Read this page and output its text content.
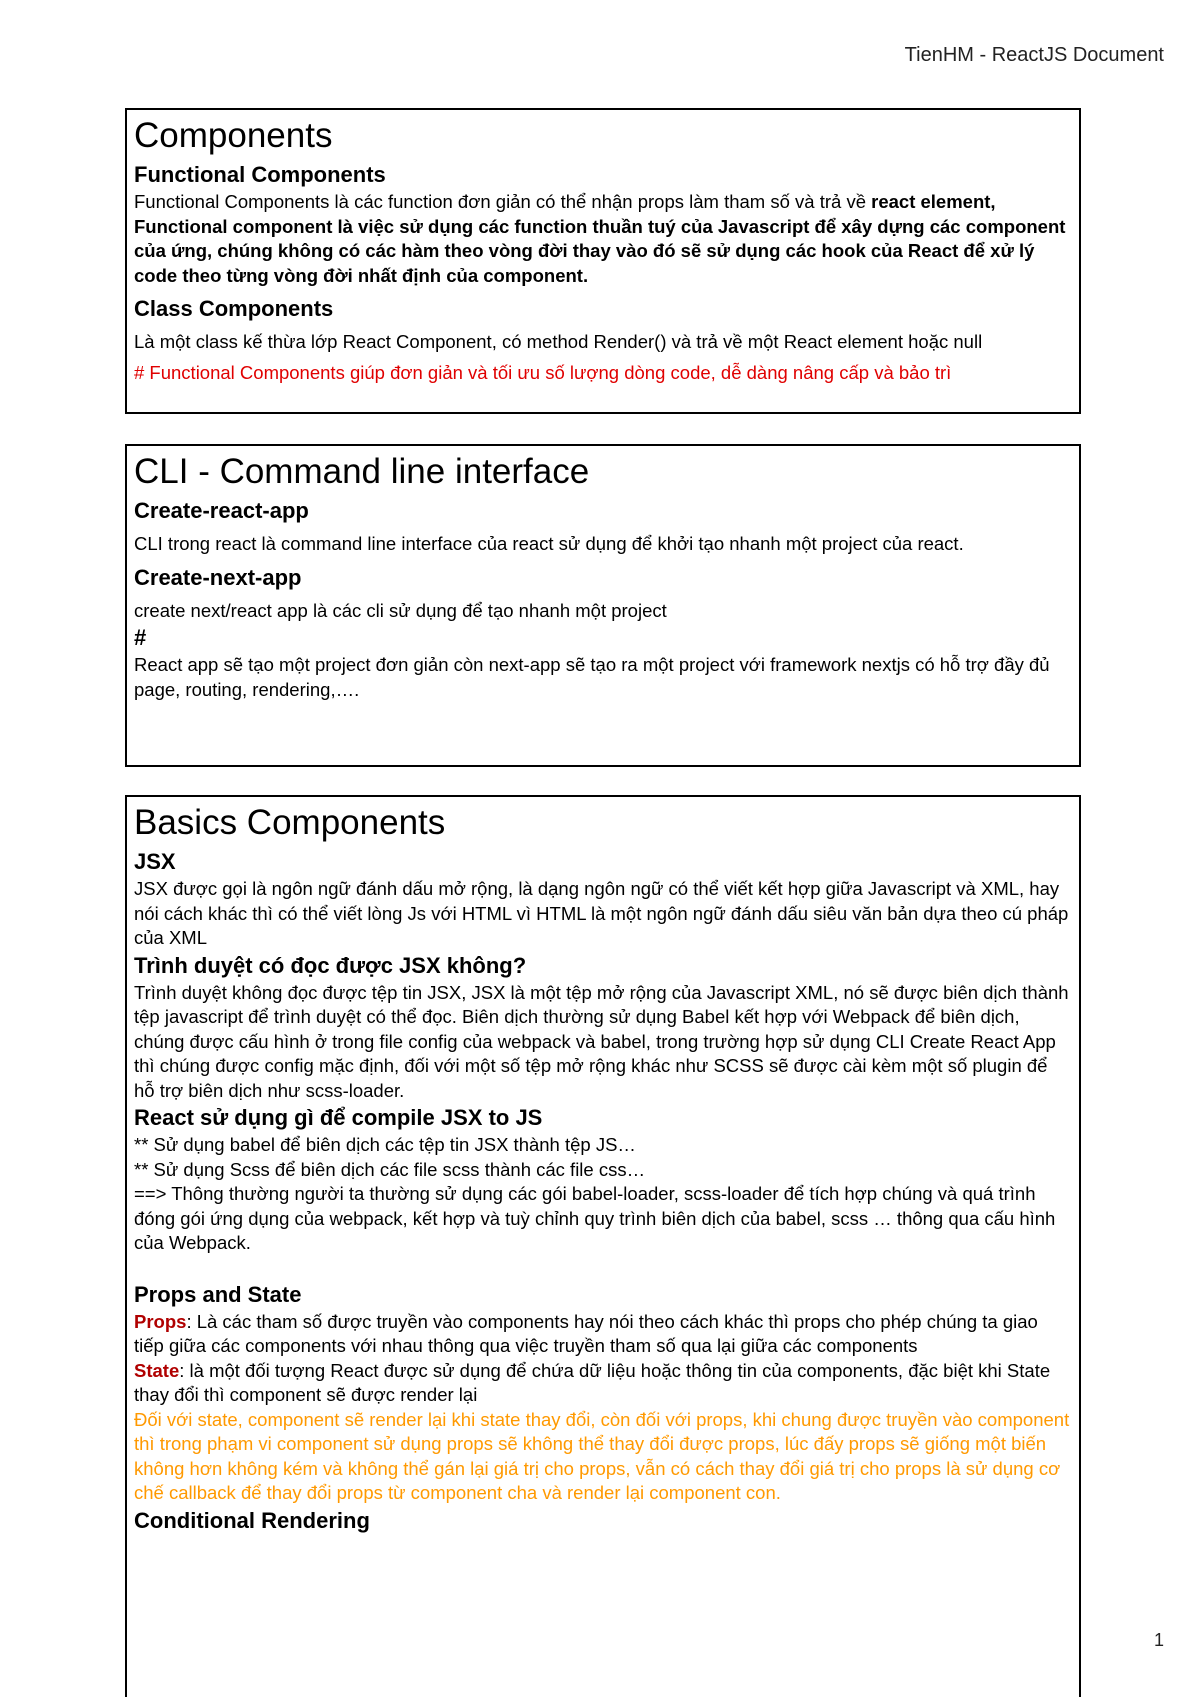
TienHM - ReactJS Document
Components
Functional Components

Functional Components là các function đơn giản có thể nhận props làm tham số và trả về react element, Functional component là việc sử dụng các function thuần tuý của Javascript để xây dựng các component của ứng, chúng không có các hàm theo vòng đời thay vào đó sẽ sử dụng các hook của React để xử lý code theo từng vòng đời nhất định của component.

Class Components

Là một class kế thừa lớp React Component, có method Render() và trả về một React element hoặc null

# Functional Components giúp đơn giản và tối ưu số lượng dòng code, dễ dàng nâng cấp và bảo trì

CLI - Command line interface
Create-react-app

CLI trong react là command line interface của react sử dụng để khởi tạo nhanh một project của react.

Create-next-app

create next/react app là các cli sử dụng để tạo nhanh một project

#

React app sẽ tạo một project đơn giản còn next-app sẽ tạo ra một project với framework nextjs có hỗ trợ đầy đủ page, routing, rendering,….

Basics Components
JSX

JSX được gọi là ngôn ngữ đánh dấu mở rộng, là dạng ngôn ngữ có thể viết kết hợp giữa Javascript và XML, hay nói cách khác thì có thể viết lòng Js với HTML vì HTML là một ngôn ngữ đánh dấu siêu văn bản dựa theo cú pháp của XML

Trình duyệt có đọc được JSX không?

Trình duyệt không đọc được tệp tin JSX, JSX là một tệp mở rộng của Javascript XML, nó sẽ được biên dịch thành tệp javascript để trình duyệt có thể đọc. Biên dịch thường sử dụng Babel kết hợp với Webpack để biên dịch, chúng được cấu hình ở trong file config của webpack và babel, trong trường hợp sử dụng CLI Create React App thì chúng được config mặc định, đối với một số tệp mở rộng khác như SCSS sẽ được cài kèm một số plugin để hỗ trợ biên dịch như scss-loader.

React sử dụng gì để compile JSX to JS

** Sử dụng babel để biên dịch các tệp tin JSX thành tệp JS…

** Sử dụng Scss để biên dịch các file scss thành các file css…

==> Thông thường người ta thường sử dụng các gói babel-loader, scss-loader để tích hợp chúng và quá trình đóng gói ứng dụng của webpack, kết hợp và tuỳ chỉnh quy trình biên dịch của babel, scss … thông qua cấu hình của Webpack.

Props and State

Props: Là các tham số được truyền vào components hay nói theo cách khác thì props cho phép chúng ta giao tiếp giữa các components với nhau thông qua việc truyền tham số qua lại giữa các components

State: là một đối tượng React được sử dụng để chứa dữ liệu hoặc thông tin của components, đặc biệt khi State thay đổi thì component sẽ được render lại

Đối với state, component sẽ render lại khi state thay đổi, còn đối với props, khi chung được truyền vào component thì trong phạm vi component sử dụng props sẽ không thể thay đổi được props, lúc đấy props sẽ giống một biến không hơn không kém và không thể gán lại giá trị cho props, vẫn có cách thay đổi giá trị cho props là sử dụng cơ chế callback để thay đổi props từ component cha và render lại component con.

Conditional Rendering
1
